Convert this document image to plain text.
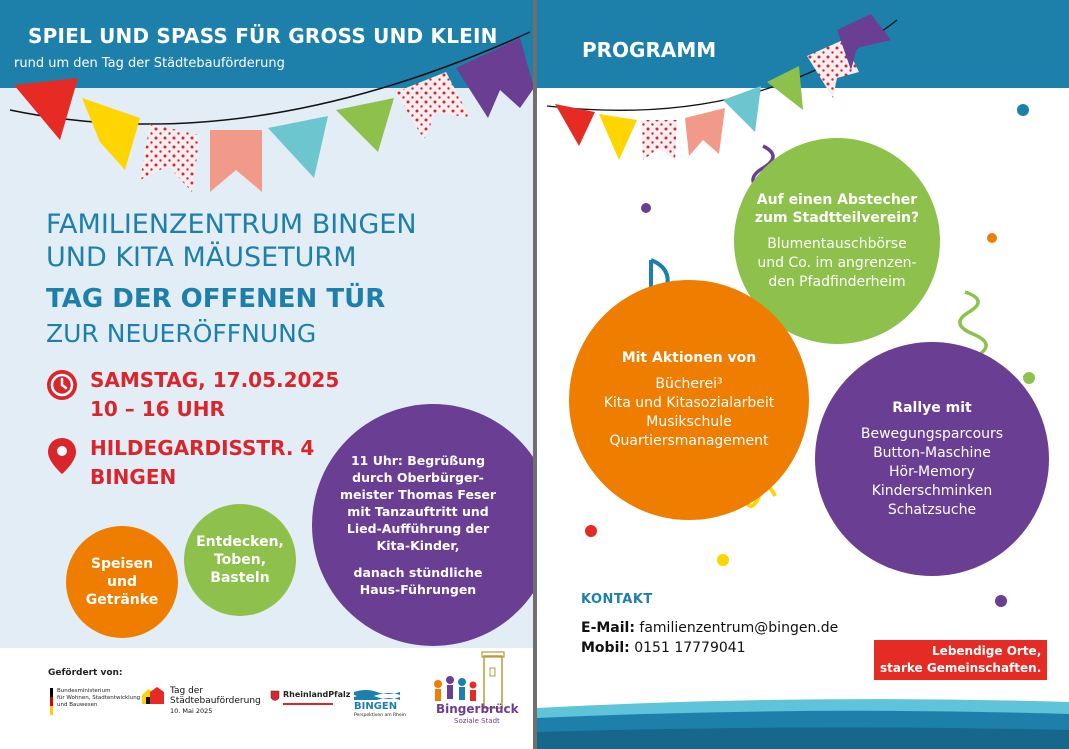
SPIEL UND SPASS FÜR GROSS UND KLEIN
rund um den Tag der Städtebauförderung
FAMILIENZENTRUM BINGEN
UND KITA MÄUSETURM
TAG DER OFFENEN TÜR
ZUR NEUERÖFFNUNG
SAMSTAG, 17.05.2025
10 – 16 UHR
HILDEGARDISSTR. 4
BINGEN
Speisen
und
Getränke
Entdecken,
Toben,
Basteln
11 Uhr: Begrüßung
durch Oberbürger-
meister Thomas Feser
mit Tanzauftritt und
Lied-Aufführung der
Kita-Kinder,
danach stündliche
Haus-Führungen
Gefördert von:
Bundesministerium
für Wohnen, Stadtentwicklung
und Bauwesen
Tag der
Städtebauförderung
10. Mai 2025
RheinlandPfalz
BINGEN
Perspektiven am Rhein	Bingerbrück
Soziale Stadt
PROGRAMM
Auf einen Abstecher
zum Stadtteilverein?
Blumentauschbörse
und Co. im angrenzen-
den Pfadfinderheim
Mit Aktionen von
Bücherei³
Kita und Kitasozialarbeit
Musikschule
Quartiersmanagement
Rallye mit
Bewegungsparcours
Button-Maschine
Hör-Memory
Kinderschminken
Schatzsuche
KONTAKT
E-Mail: familienzentrum@bingen.de
Mobil: 0151 17779041	Lebendige Orte,
starke Gemeinschaften.
